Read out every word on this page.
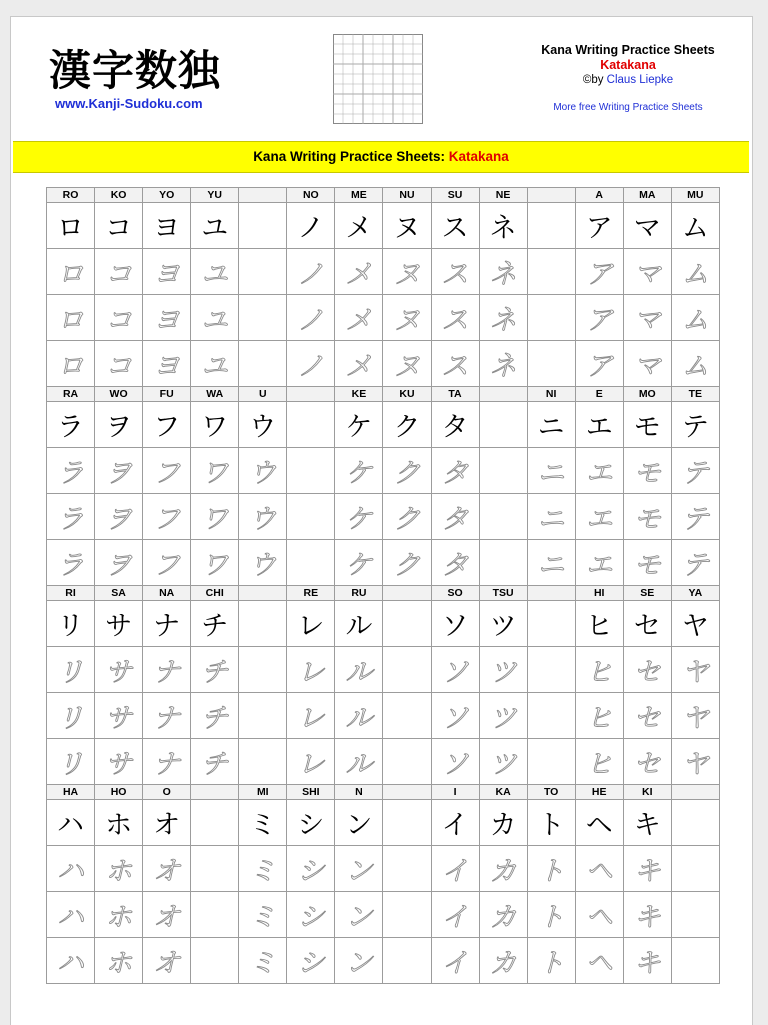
漢字数独
www.Kanji-Sudoku.com
Kana Writing Practice Sheets
Katakana
©by Claus Liepke
More free Writing Practice Sheets
Kana Writing Practice Sheets: Katakana
RO	KO	YO	YU		NO	ME	NU	SU	NE		A	MA	MU
ロ	コ	ヨ	ユ		ノ	メ	ヌ	ス	ネ		ア	マ	ム
ロ	コ	ヨ	ユ		ノ	メ	ヌ	ス	ネ		ア	マ	ム
ロ	コ	ヨ	ユ		ノ	メ	ヌ	ス	ネ		ア	マ	ム
ロ	コ	ヨ	ユ		ノ	メ	ヌ	ス	ネ		ア	マ	ム
RA	WO	FU	WA	U		KE	KU	TA		NI	E	MO	TE
ラ	ヲ	フ	ワ	ウ		ケ	ク	タ		ニ	エ	モ	テ
ラ	ヲ	フ	ワ	ウ		ケ	ク	タ		ニ	エ	モ	テ
ラ	ヲ	フ	ワ	ウ		ケ	ク	タ		ニ	エ	モ	テ
ラ	ヲ	フ	ワ	ウ		ケ	ク	タ		ニ	エ	モ	テ
RI	SA	NA	CHI		RE	RU		SO	TSU		HI	SE	YA
リ	サ	ナ	チ		レ	ル		ソ	ツ		ヒ	セ	ヤ
リ	サ	ナ	チ		レ	ル		ソ	ツ		ヒ	セ	ヤ
リ	サ	ナ	チ		レ	ル		ソ	ツ		ヒ	セ	ヤ
リ	サ	ナ	チ		レ	ル		ソ	ツ		ヒ	セ	ヤ
HA	HO	O		MI	SHI	N		I	KA	TO	HE	KI	
ハ	ホ	オ		ミ	シ	ン		イ	カ	ト	ヘ	キ	
ハ	ホ	オ		ミ	シ	ン		イ	カ	ト	ヘ	キ	
ハ	ホ	オ		ミ	シ	ン		イ	カ	ト	ヘ	キ	
ハ	ホ	オ		ミ	シ	ン		イ	カ	ト	ヘ	キ	
